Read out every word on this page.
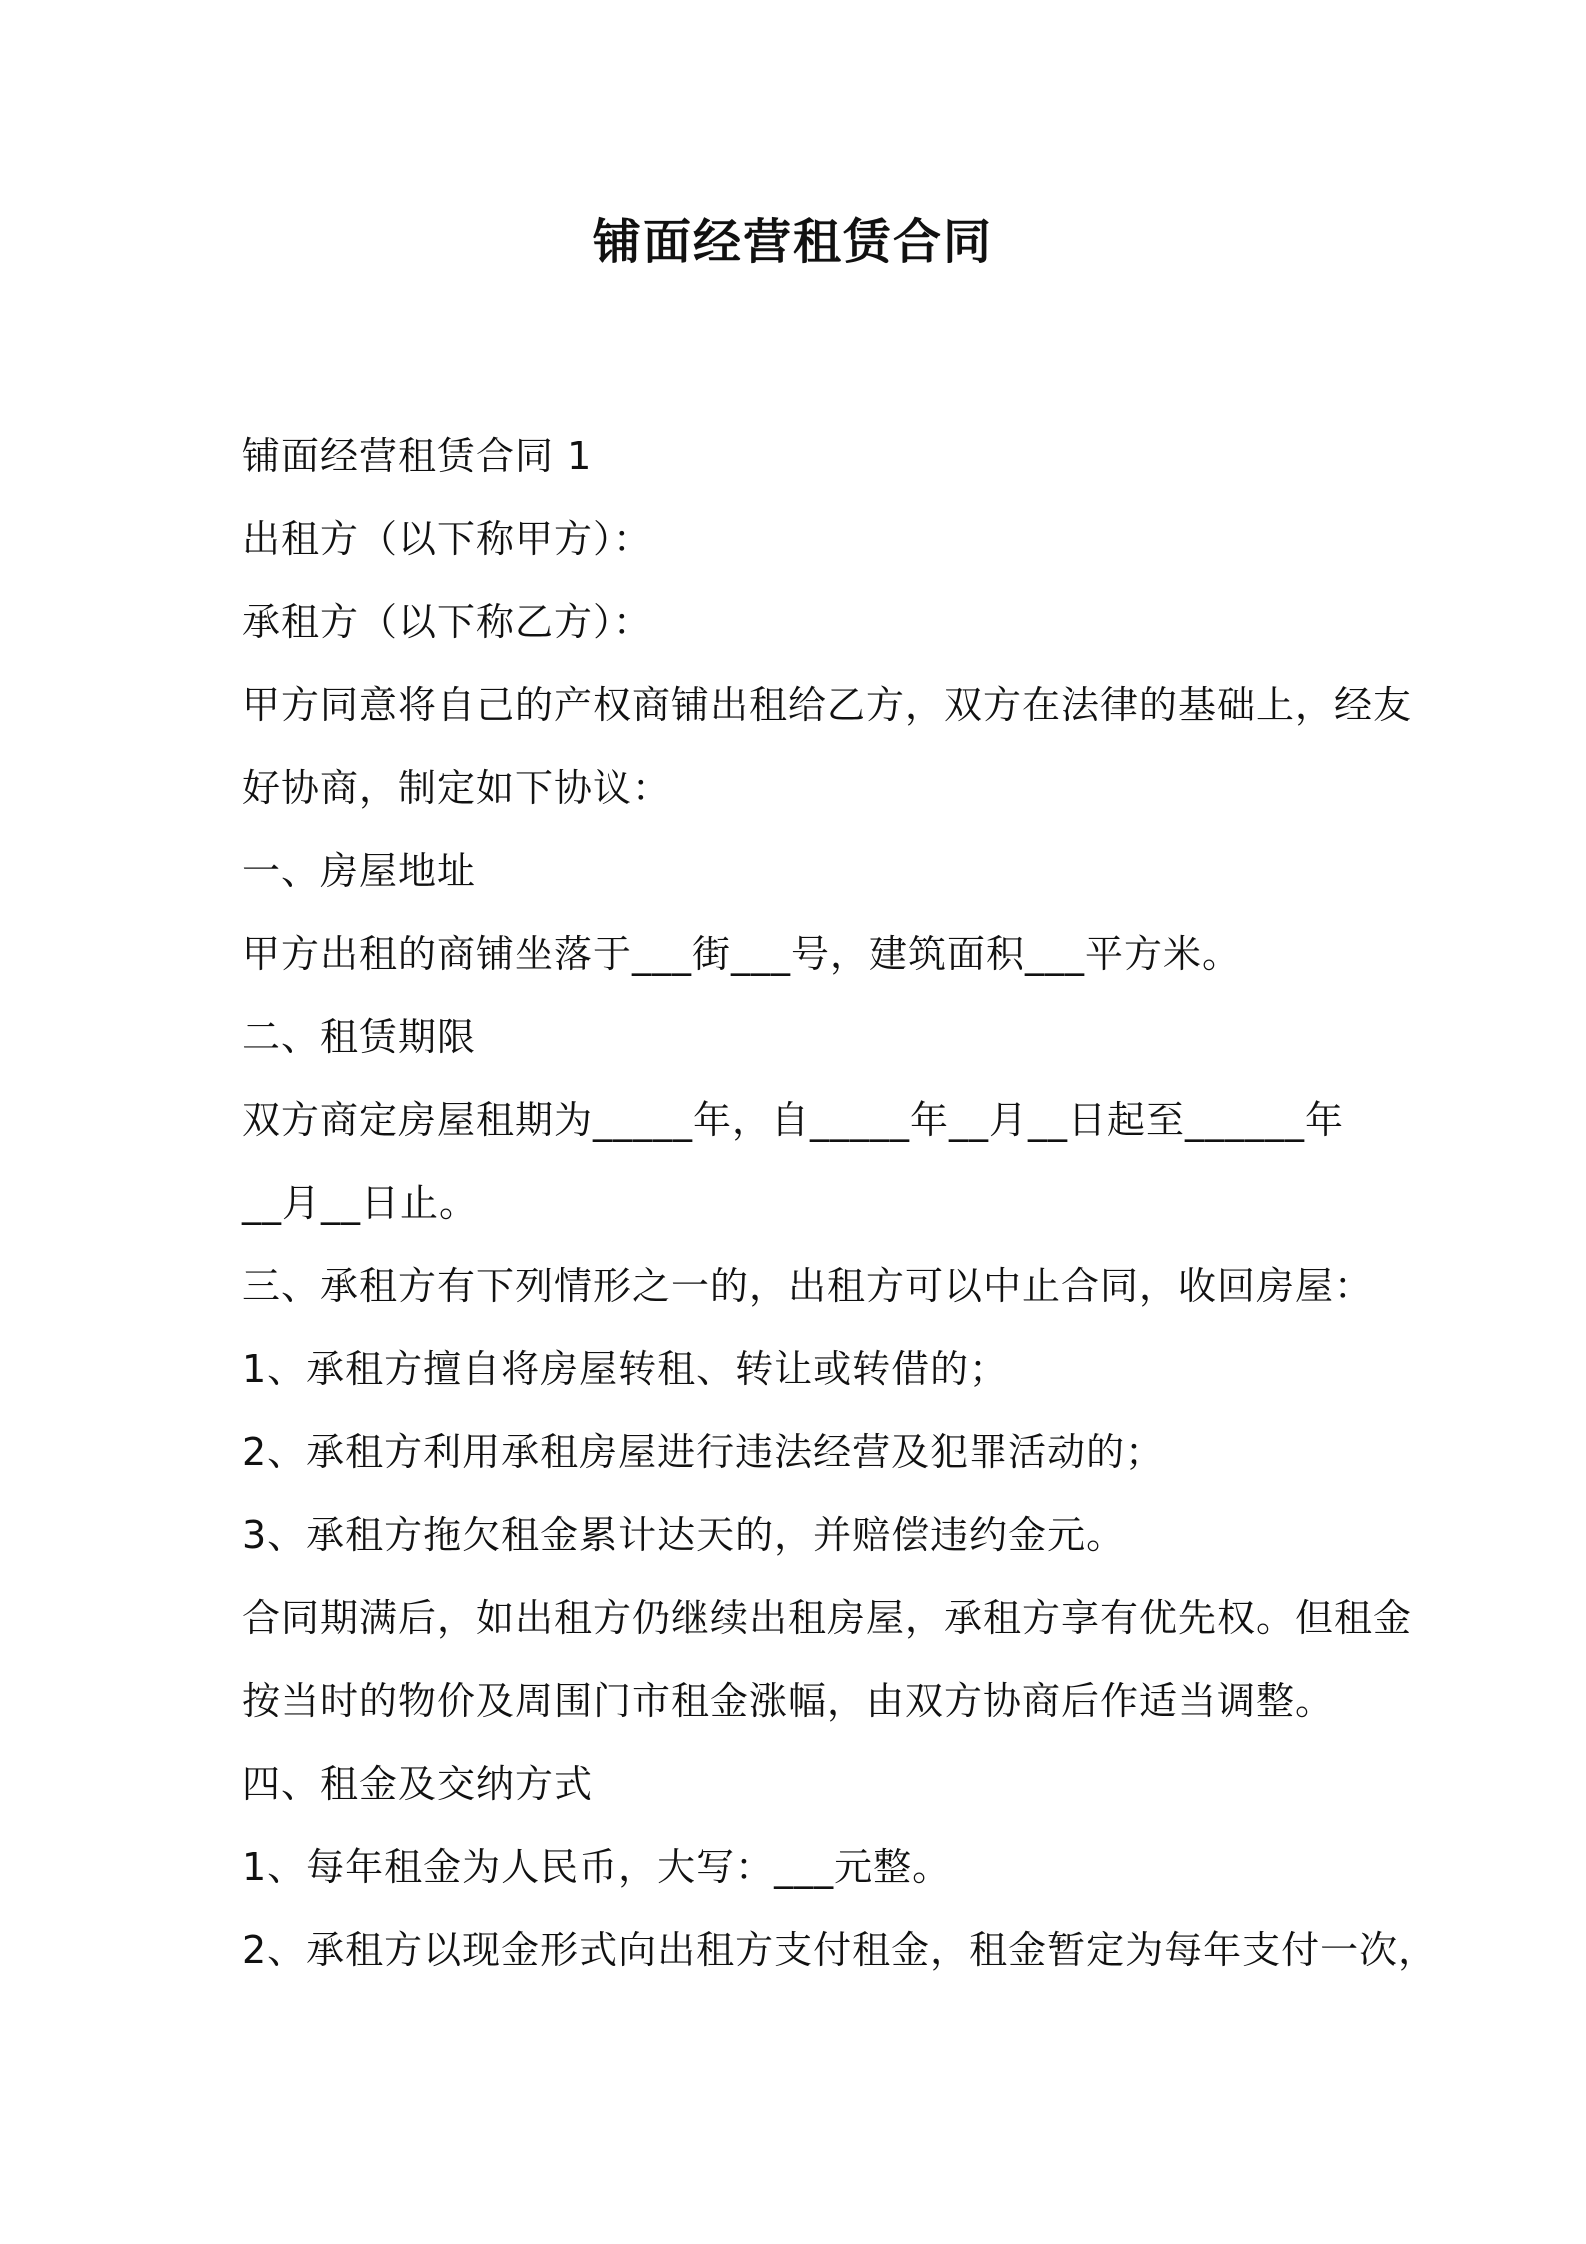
铺面经营租赁合同
铺面经营租赁合同 1
出租方（以下称甲方）：
承租方（以下称乙方）：
甲方同意将自己的产权商铺出租给乙方，双方在法律的基础上，经友
好协商，制定如下协议：
一、房屋地址
甲方出租的商铺坐落于___街___号，建筑面积___平方米。
二、租赁期限
双方商定房屋租期为_____年，自_____年__月__日起至______年
__月__日止。
三、承租方有下列情形之一的，出租方可以中止合同，收回房屋：
1、承租方擅自将房屋转租、转让或转借的；
2、承租方利用承租房屋进行违法经营及犯罪活动的；
3、承租方拖欠租金累计达天的，并赔偿违约金元。
合同期满后，如出租方仍继续出租房屋，承租方享有优先权。但租金
按当时的物价及周围门市租金涨幅，由双方协商后作适当调整。
四、租金及交纳方式
1、每年租金为人民币，大写：___元整。
2、承租方以现金形式向出租方支付租金，租金暂定为每年支付一次，
